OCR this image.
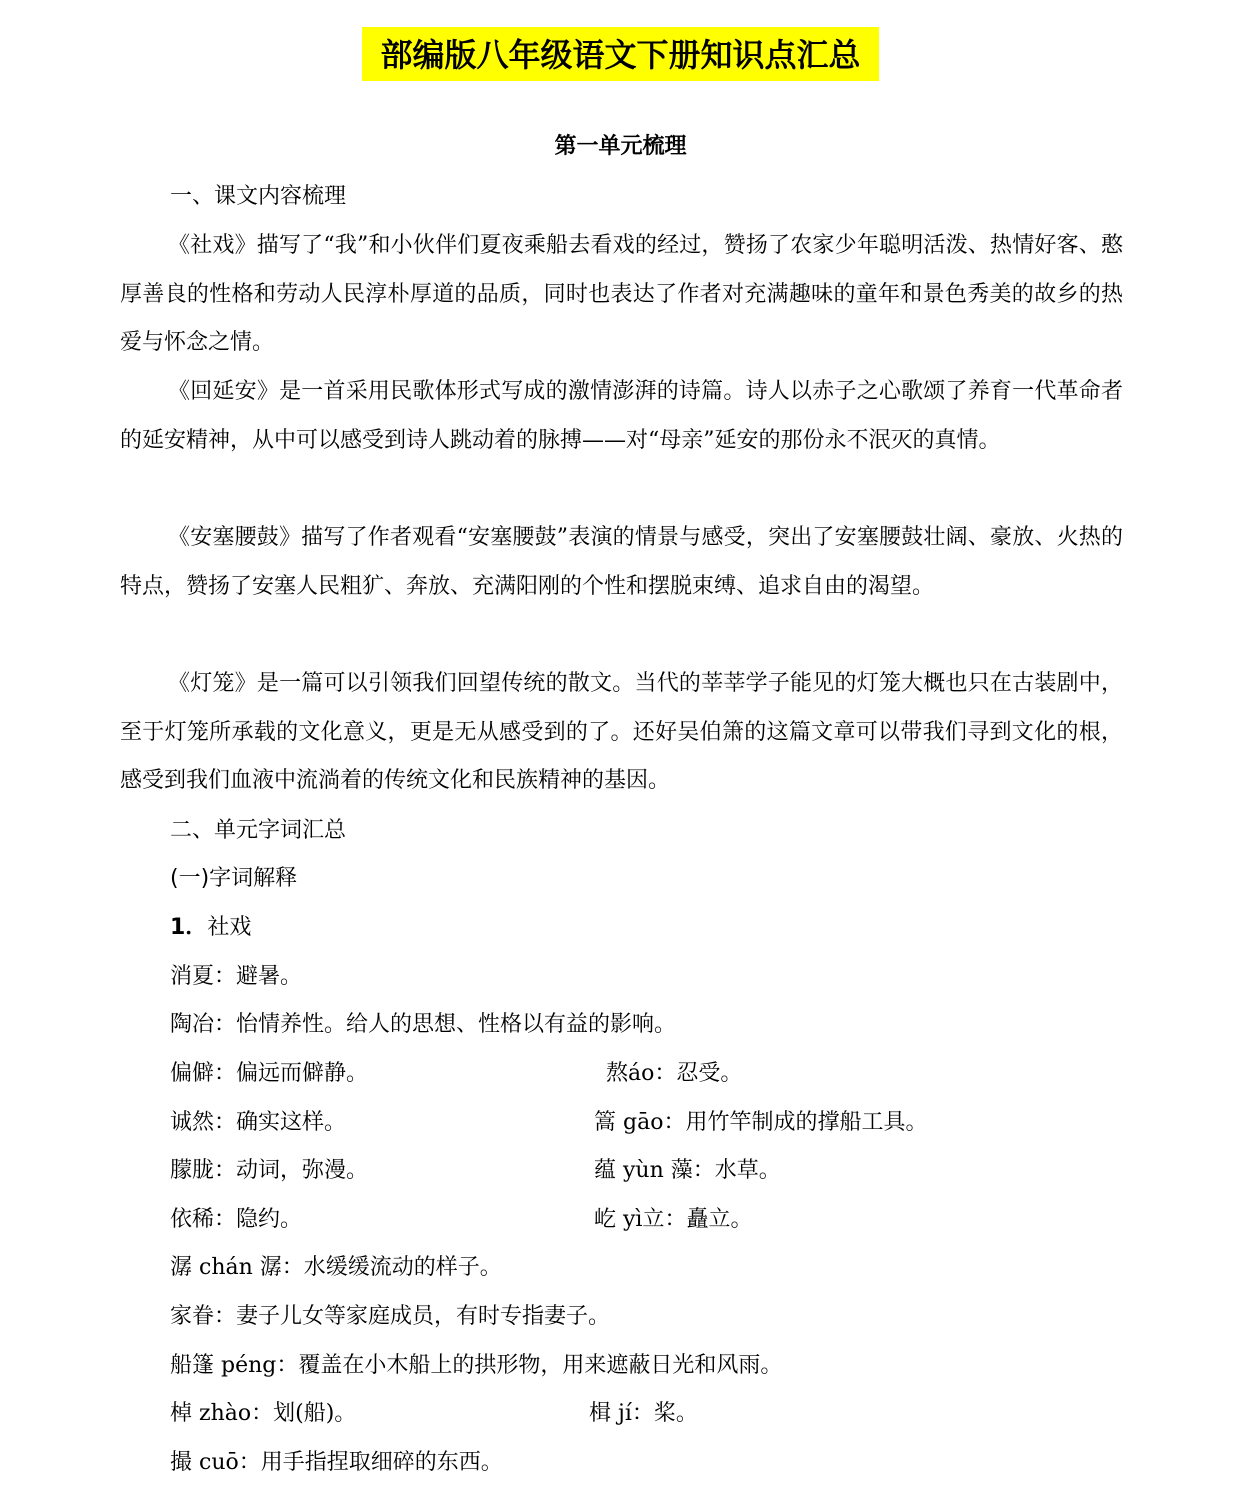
部编版八年级语文下册知识点汇总
第一单元梳理
一、课文内容梳理

《社戏》描写了“我”和小伙伴们夏夜乘船去看戏的经过，赞扬了农家少年聪明活泼、热情好客、憨厚善良的性格和劳动人民淳朴厚道的品质，同时也表达了作者对充满趣味的童年和景色秀美的故乡的热爱与怀念之情。

《回延安》是一首采用民歌体形式写成的激情澎湃的诗篇。诗人以赤子之心歌颂了养育一代革命者的延安精神，从中可以感受到诗人跳动着的脉搏——对“母亲”延安的那份永不泯灭的真情。

《安塞腰鼓》描写了作者观看“安塞腰鼓”表演的情景与感受，突出了安塞腰鼓壮阔、豪放、火热的特点，赞扬了安塞人民粗犷、奔放、充满阳刚的个性和摆脱束缚、追求自由的渴望。

《灯笼》是一篇可以引领我们回望传统的散文。当代的莘莘学子能见的灯笼大概也只在古装剧中，至于灯笼所承载的文化意义，更是无从感受到的了。还好吴伯箫的这篇文章可以带我们寻到文化的根，感受到我们血液中流淌着的传统文化和民族精神的基因。

二、单元字词汇总
(一)字词解释
1．社戏
消夏：避暑。
陶冶：怡情养性。给人的思想、性格以有益的影响。
偏僻：偏远而僻静。	熬áo：忍受。
诚然：确实这样。	篙 gāo：用竹竿制成的撑船工具。
朦胧：动词，弥漫。	蕴 yùn 藻：水草。
依稀：隐约。	屹 yì立：矗立。
潺 chán 潺：水缓缓流动的样子。
家眷：妻子儿女等家庭成员，有时专指妻子。
船篷 péng：覆盖在小木船上的拱形物，用来遮蔽日光和风雨。
棹 zhào：划(船)。	楫 jí：桨。
撮 cuō：用手指捏取细碎的东西。
